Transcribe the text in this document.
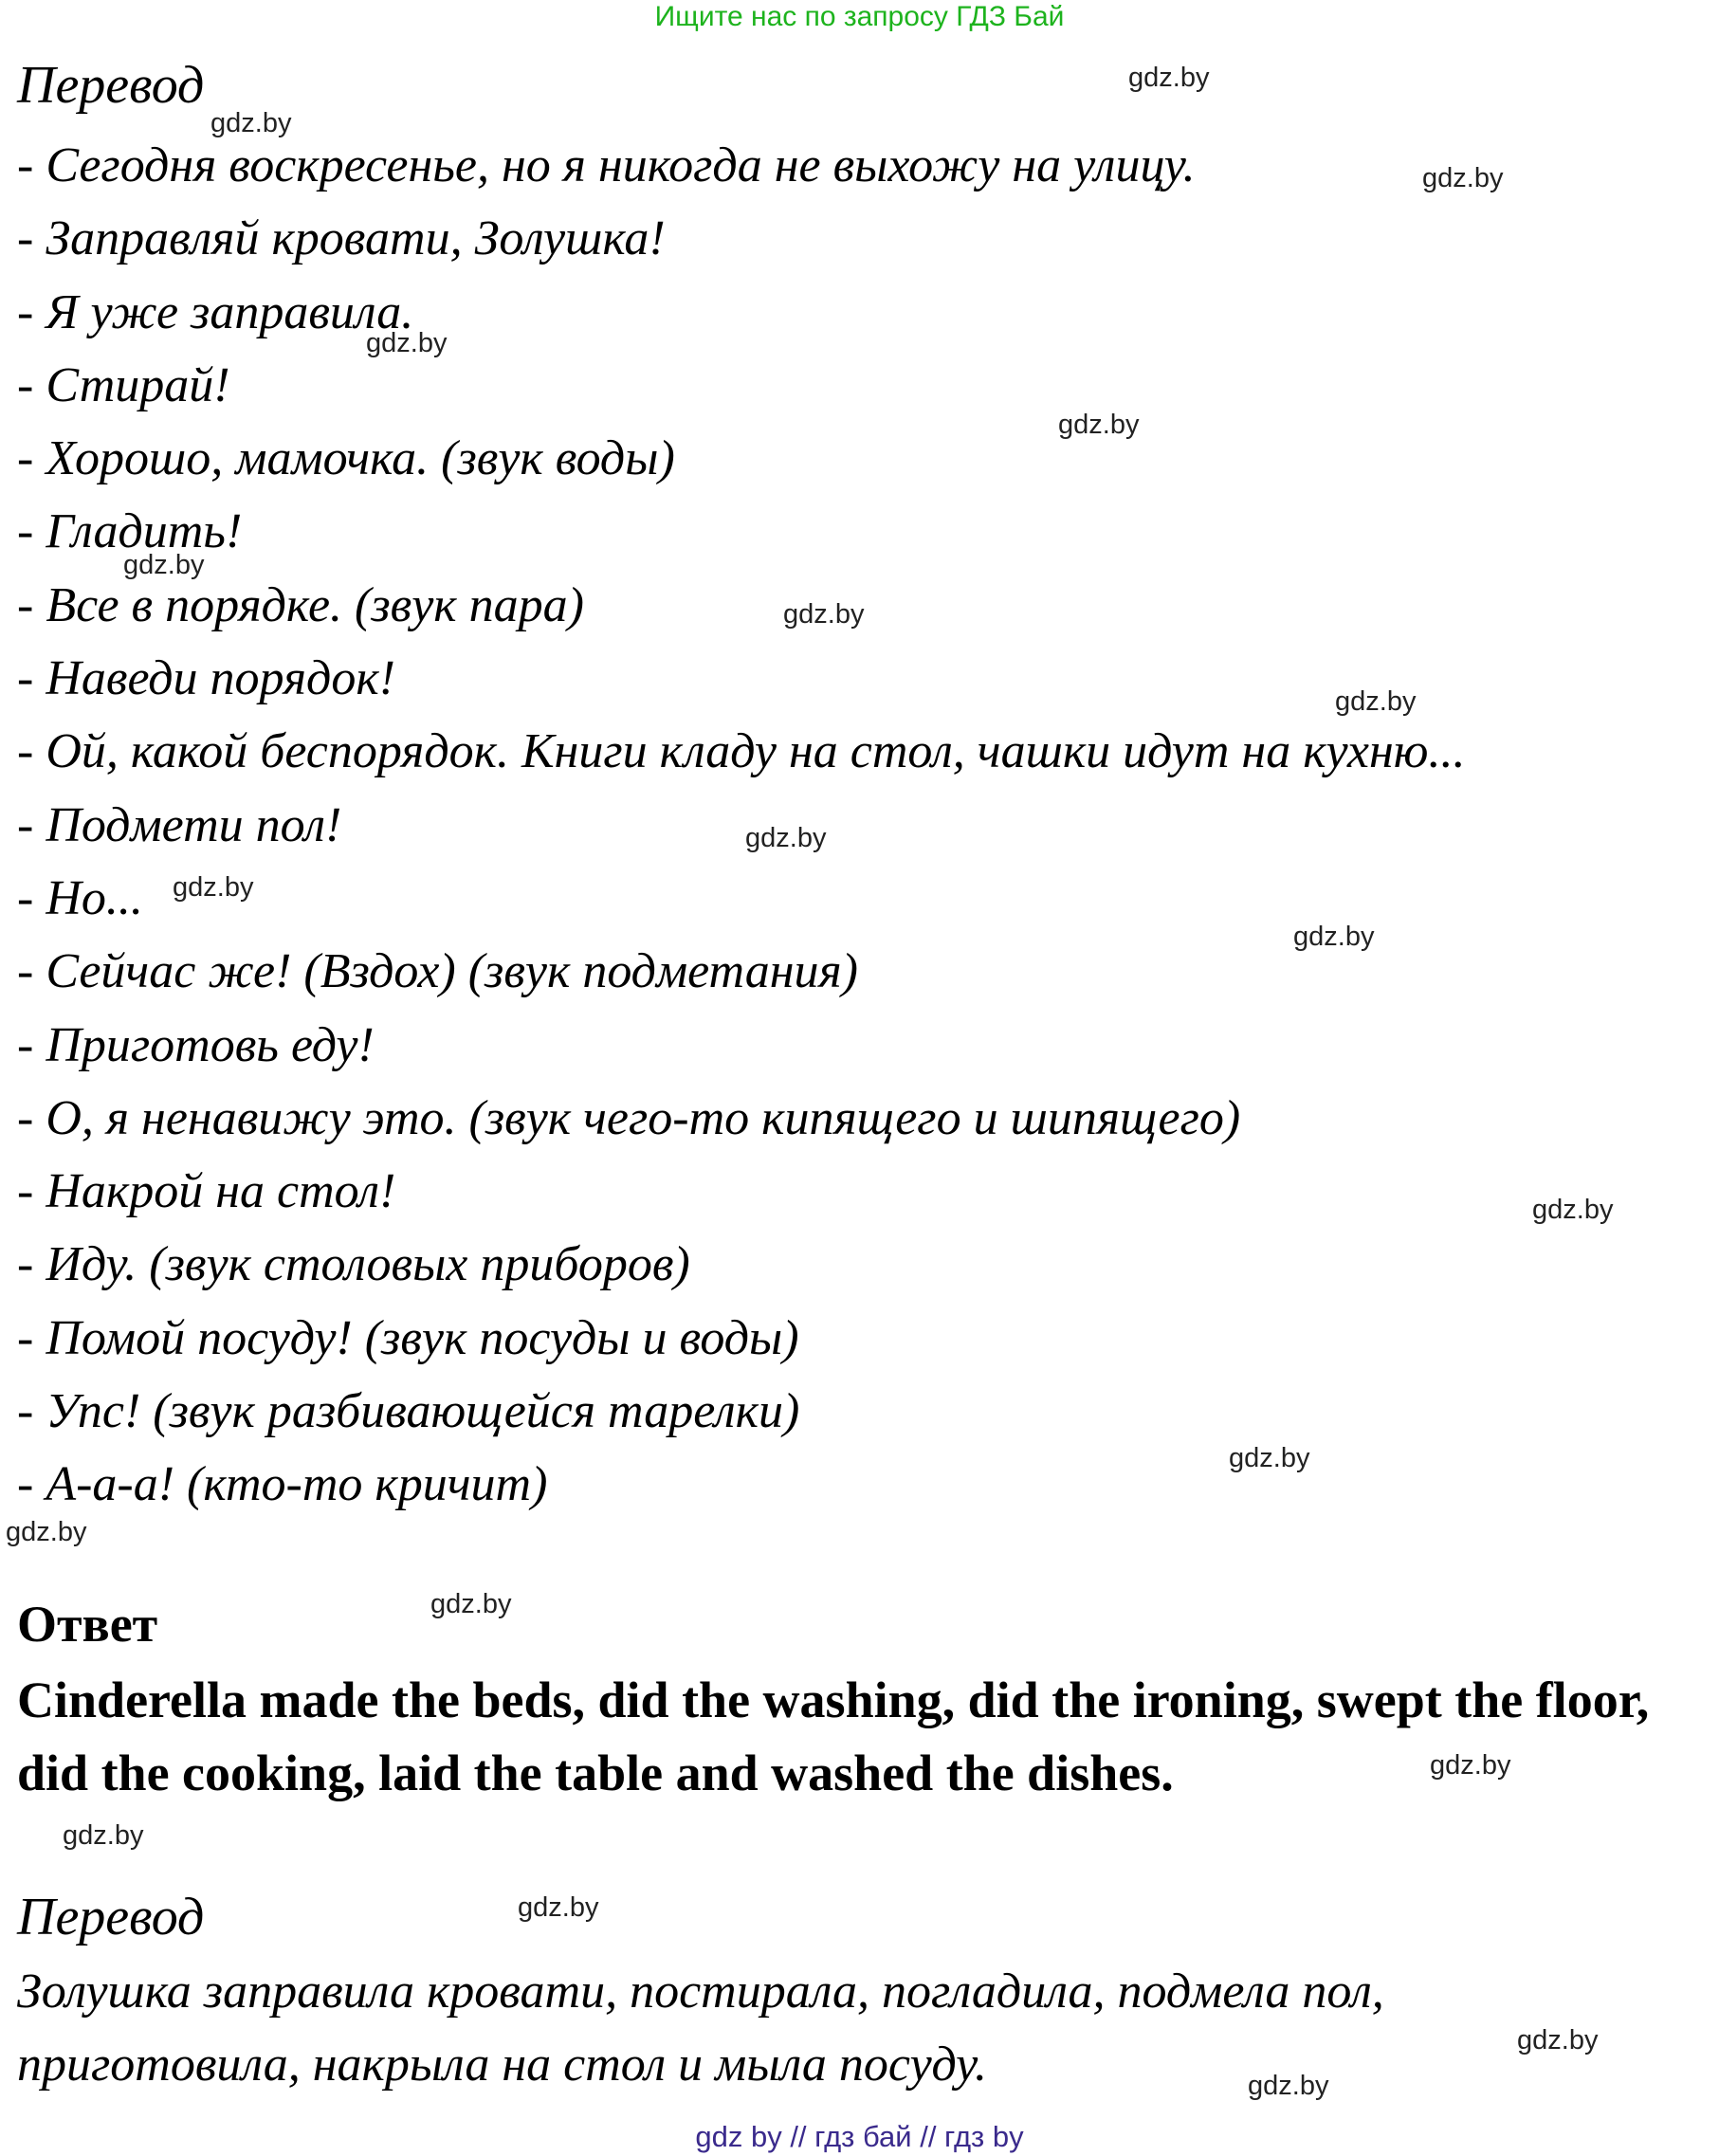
Ищите нас по запросу ГДЗ Бай
Перевод
- Сегодня воскресенье, но я никогда не выхожу на улицу.
- Заправляй кровати, Золушка!
- Я уже заправила.
- Стирай!
- Хорошо, мамочка. (звук воды)
- Гладить!
- Все в порядке. (звук пара)
- Наведи порядок!
- Ой, какой беспорядок. Книги кладу на стол, чашки идут на кухню...
- Подмети пол!
- Но...
- Сейчас же! (Вздох) (звук подметания)
- Приготовь еду!
- О, я ненавижу это. (звук чего-то кипящего и шипящего)
- Накрой на стол!
- Иду. (звук столовых приборов)
- Помой посуду! (звук посуды и воды)
- Упс! (звук разбивающейся тарелки)
- А-а-а! (кто-то кричит)
Ответ
Cinderella made the beds, did the washing, did the ironing, swept the floor, did the cooking, laid the table and washed the dishes.
Перевод
Золушка заправила кровати, постирала, погладила, подмела пол, приготовила, накрыла на стол и мыла посуду.
gdz.by
gdz.by
gdz.by
gdz.by
gdz.by
gdz.by
gdz.by
gdz.by
gdz.by
gdz.by
gdz.by
gdz.by
gdz.by
gdz.by
gdz.by
gdz.by
gdz.by
gdz.by
gdz.by
gdz.by
gdz by // гдз бай // гдз by
